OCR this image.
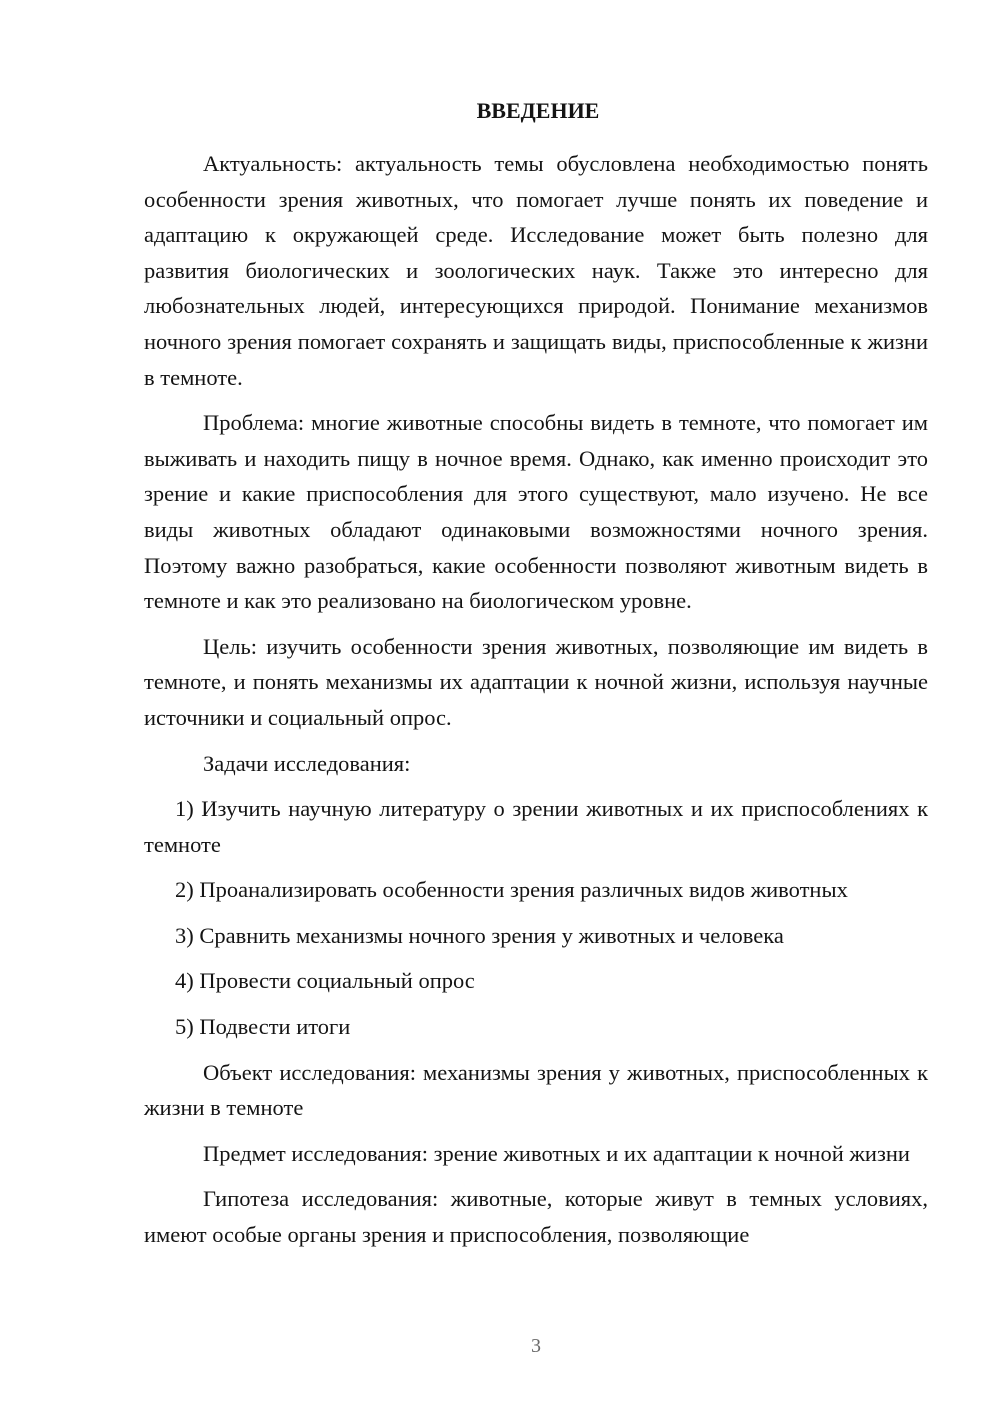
ВВЕДЕНИЕ

Актуальность: актуальность темы обусловлена необходимостью понять особенности зрения животных, что помогает лучше понять их поведение и адаптацию к окружающей среде. Исследование может быть полезно для развития биологических и зоологических наук. Также это интересно для любознательных людей, интересующихся природой. Понимание механизмов ночного зрения помогает сохранять и защищать виды, приспособленные к жизни в темноте.

Проблема: многие животные способны видеть в темноте, что помогает им выживать и находить пищу в ночное время. Однако, как именно происходит это зрение и какие приспособления для этого существуют, мало изучено. Не все виды животных обладают одинаковыми возможностями ночного зрения. Поэтому важно разобраться, какие особенности позволяют животным видеть в темноте и как это реализовано на биологическом уровне.

Цель: изучить особенности зрения животных, позволяющие им видеть в темноте, и понять механизмы их адаптации к ночной жизни, используя научные источники и социальный опрос.

Задачи исследования:

1) Изучить научную литературу о зрении животных и их приспособлениях к темноте

2) Проанализировать особенности зрения различных видов животных

3) Сравнить механизмы ночного зрения у животных и человека

4) Провести социальный опрос

5) Подвести итоги

Объект исследования: механизмы зрения у животных, приспособленных к жизни в темноте

Предмет исследования: зрение животных и их адаптации к ночной жизни

Гипотеза исследования: животные, которые живут в темных условиях, имеют особые органы зрения и приспособления, позволяющие

3
